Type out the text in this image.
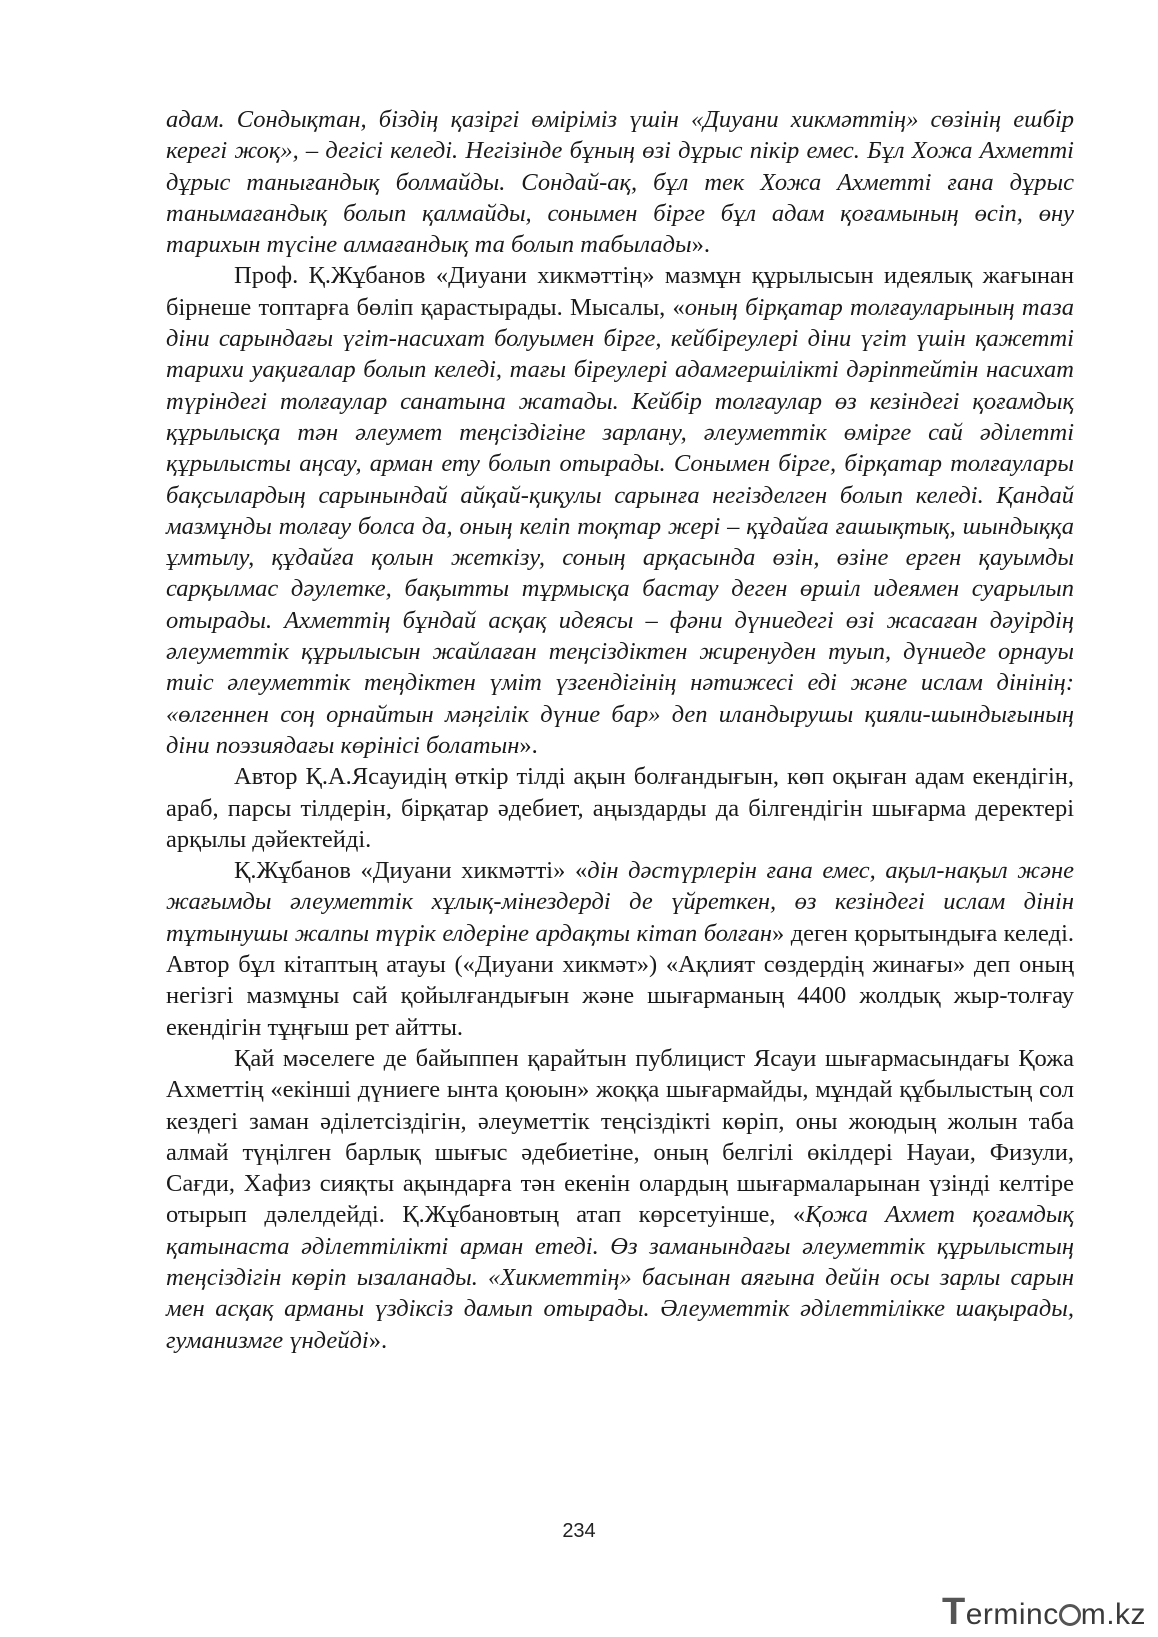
адам. Сондықтан, біздің қазіргі өміріміз үшін «Диуани хикмәттің» сөзінің ешбір керегі жоқ», – дегісі келеді. Негізінде бұның өзі дұрыс пікір емес. Бұл Хожа Ахметті дұрыс танығандық болмайды. Сондай-ақ, бұл тек Хожа Ахметті ғана дұрыс танымағандық болып қалмайды, сонымен бірге бұл адам қоғамының өсіп, өну тарихын түсіне алмағандық та болып табылады».

Проф. Қ.Жұбанов «Диуани хикмәттің» мазмұн құрылысын идеялық жағынан бірнеше топтарға бөліп қарастырады. Мысалы, «оның бірқатар толғауларының таза діни сарындағы үгіт-насихат болуымен бірге, кейбіреулері діни үгіт үшін қажетті тарихи уақиғалар болып келеді, тағы біреулері адамгершілікті дәріптейтін насихат түріндегі толғаулар санатына жатады. Кейбір толғаулар өз кезіндегі қоғамдық құрылысқа тән әлеумет теңсіздігіне зарлану, әлеуметтік өмірге сай әділетті құрылысты аңсау, арман ету болып отырады. Сонымен бірге, бірқатар толғаулары бақсылардың сарынындай айқай-қиқулы сарынға негізделген болып келеді. Қандай мазмұнды толғау болса да, оның келіп тоқтар жері – құдайға ғашықтық, шындыққа ұмтылу, құдайға қолын жеткізу, соның арқасында өзін, өзіне ерген қауымды сарқылмас дәулетке, бақытты тұрмысқа бастау деген өршіл идеямен суарылып отырады. Ахметтің бұндай асқақ идеясы – фәни дүниедегі өзі жасаған дәуірдің әлеуметтік құрылысын жайлаған теңсіздіктен жиренуден туып, дүниеде орнауы тиіс әлеуметтік теңдіктен үміт үзгендігінің нәтижесі еді және ислам дінінің: «өлгеннен соң орнайтын мәңгілік дүние бар» деп иландырушы қияли-шындығының діни поэзиядағы көрінісі болатын».

Автор Қ.А.Ясауидің өткір тілді ақын болғандығын, көп оқыған адам екендігін, араб, парсы тілдерін, бірқатар әдебиет, аңыздарды да білгендігін шығарма деректері арқылы дәйектейді.

Қ.Жұбанов «Диуани хикмәтті» «дін дәстүрлерін ғана емес, ақыл-нақыл және жағымды әлеуметтік хұлық-мінездерді де үйреткен, өз кезіндегі ислам дінін тұтынушы жалпы түрік елдеріне ардақты кітап болған» деген қорытындыға келеді. Автор бұл кітаптың атауы («Диуани хикмәт») «Ақлият сөздердің жинағы» деп оның негізгі мазмұны сай қойылғандығын және шығарманың 4400 жолдық жыр-толғау екендігін тұңғыш рет айтты.

Қай мәселеге де байыппен қарайтын публицист Ясауи шығармасындағы Қожа Ахметтің «екінші дүниеге ынта қоюын» жоққа шығармайды, мұндай құбылыстың сол кездегі заман әділетсіздігін, әлеуметтік теңсіздікті көріп, оны жоюдың жолын таба алмай түңілген барлық шығыс әдебиетіне, оның белгілі өкілдері Науаи, Физули, Сағди, Хафиз сияқты ақындарға тән екенін олардың шығармаларынан үзінді келтіре отырып дәлелдейді. Қ.Жұбановтың атап көрсетуінше, «Қожа Ахмет қоғамдық қатынаста әділеттілікті арман етеді. Өз заманындағы әлеуметтік құрылыстың теңсіздігін көріп ызаланады. «Хикметтің» басынан аяғына дейін осы зарлы сарын мен асқақ арманы үздіксіз дамып отырады. Әлеуметтік әділеттілікке шақырады, гуманизмге үндейді».

234
Terminc m.kz
